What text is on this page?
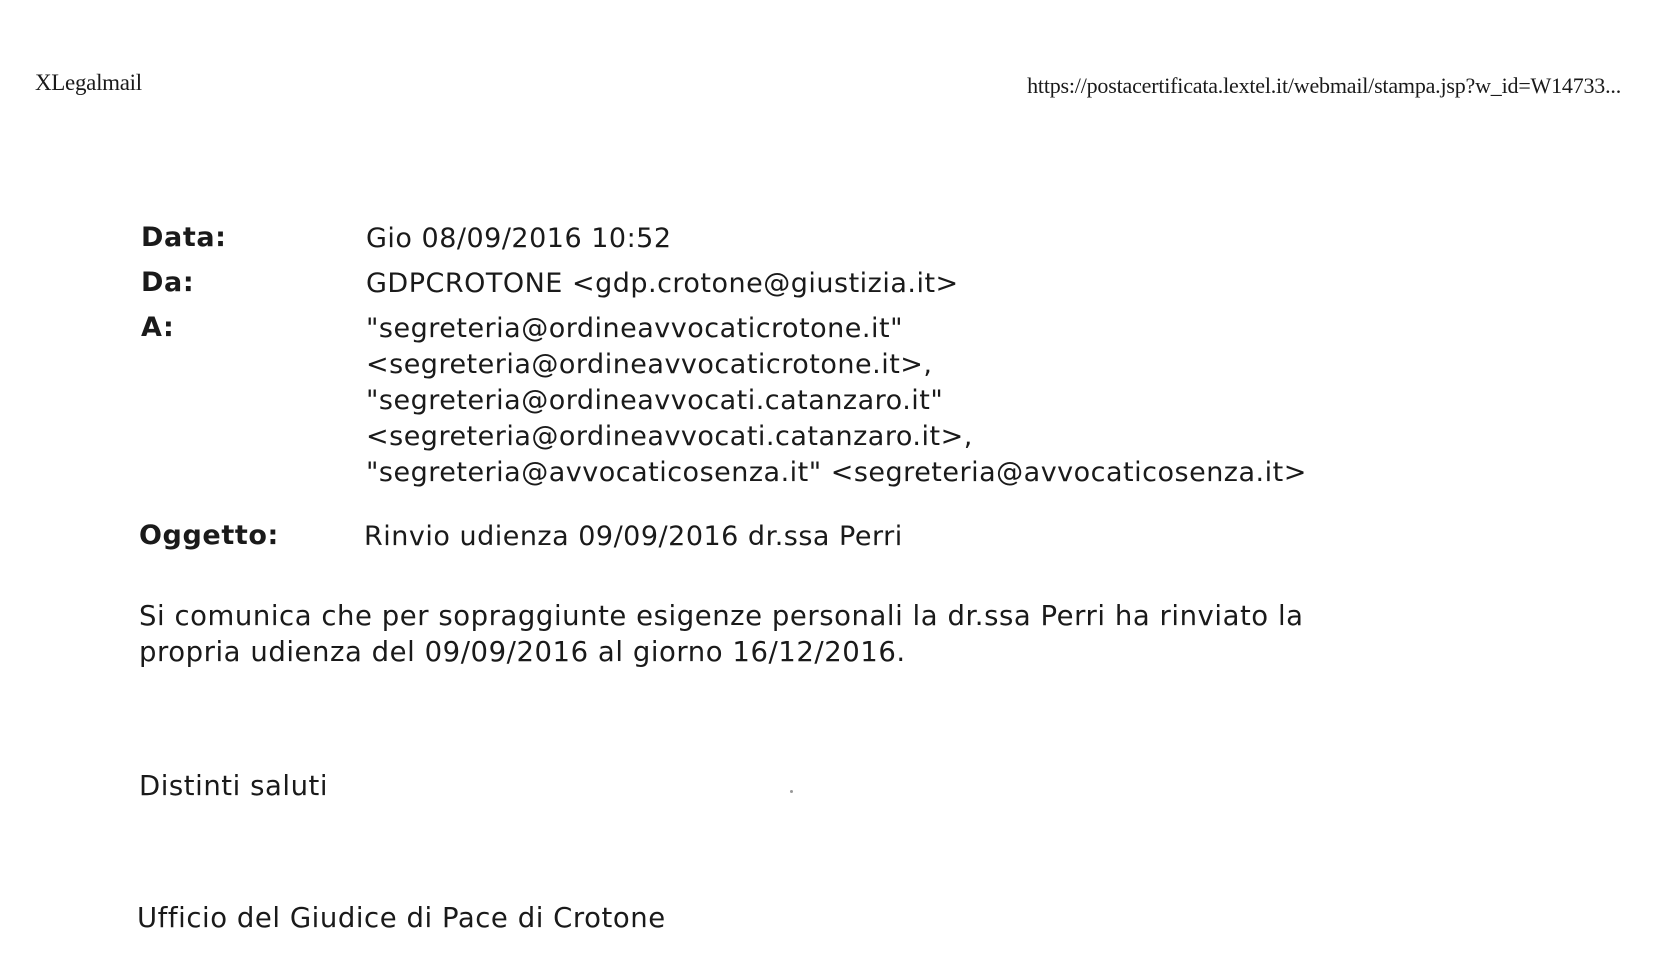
XLegalmail	https://postacertificata.lextel.it/webmail/stampa.jsp?w_id=W14733...
Data:	Gio 08/09/2016 10:52
Da:	GDPCROTONE <gdp.crotone@giustizia.it>
A:	"segreteria@ordineavvocaticrotone.it"
<segreteria@ordineavvocaticrotone.it>,
"segreteria@ordineavvocati.catanzaro.it"
<segreteria@ordineavvocati.catanzaro.it>,
"segreteria@avvocaticosenza.it" <segreteria@avvocaticosenza.it>
Oggetto:	Rinvio udienza 09/09/2016 dr.ssa Perri
Si comunica che per sopraggiunte esigenze personali la dr.ssa Perri ha rinviato la
propria udienza del 09/09/2016 al giorno 16/12/2016.
Distinti saluti
Ufficio del Giudice di Pace di Crotone
